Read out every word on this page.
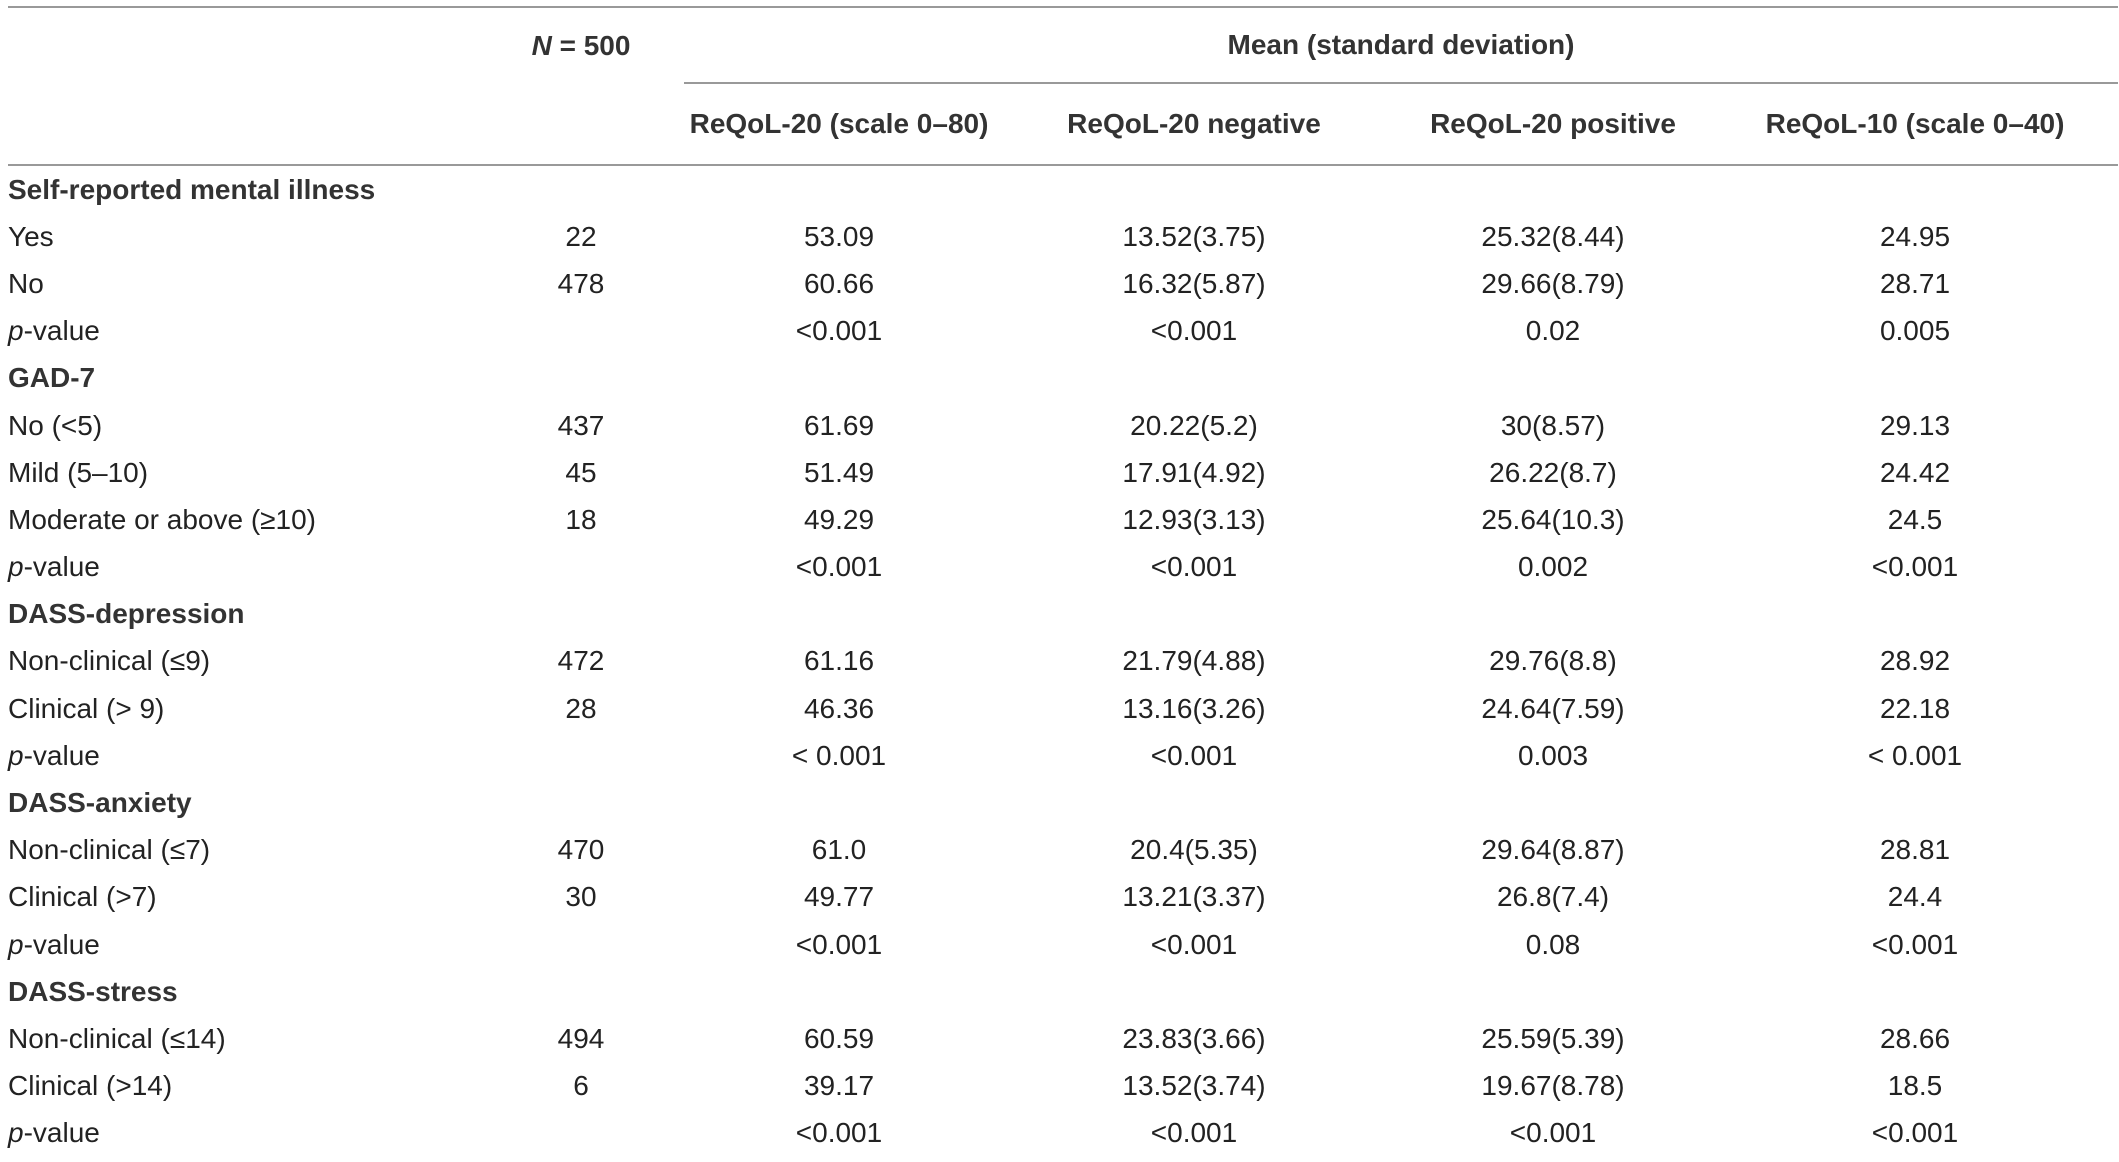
	N = 500	Mean (standard deviation)			
		ReQoL-20 (scale 0–80)	ReQoL-20 negative	ReQoL-20 positive	ReQoL-10 (scale 0–40)
Self-reported mental illness					
Yes	22	53.09	13.52(3.75)	25.32(8.44)	24.95
No	478	60.66	16.32(5.87)	29.66(8.79)	28.71
p-value		<0.001	<0.001	0.02	0.005
GAD-7					
No (<5)	437	61.69	20.22(5.2)	30(8.57)	29.13
Mild (5–10)	45	51.49	17.91(4.92)	26.22(8.7)	24.42
Moderate or above (≥10)	18	49.29	12.93(3.13)	25.64(10.3)	24.5
p-value		<0.001	<0.001	0.002	<0.001
DASS-depression					
Non-clinical (≤9)	472	61.16	21.79(4.88)	29.76(8.8)	28.92
Clinical (> 9)	28	46.36	13.16(3.26)	24.64(7.59)	22.18
p-value		< 0.001	<0.001	0.003	< 0.001
DASS-anxiety					
Non-clinical (≤7)	470	61.0	20.4(5.35)	29.64(8.87)	28.81
Clinical (>7)	30	49.77	13.21(3.37)	26.8(7.4)	24.4
p-value		<0.001	<0.001	0.08	<0.001
DASS-stress					
Non-clinical (≤14)	494	60.59	23.83(3.66)	25.59(5.39)	28.66
Clinical (>14)	6	39.17	13.52(3.74)	19.67(8.78)	18.5
p-value		<0.001	<0.001	<0.001	<0.001
